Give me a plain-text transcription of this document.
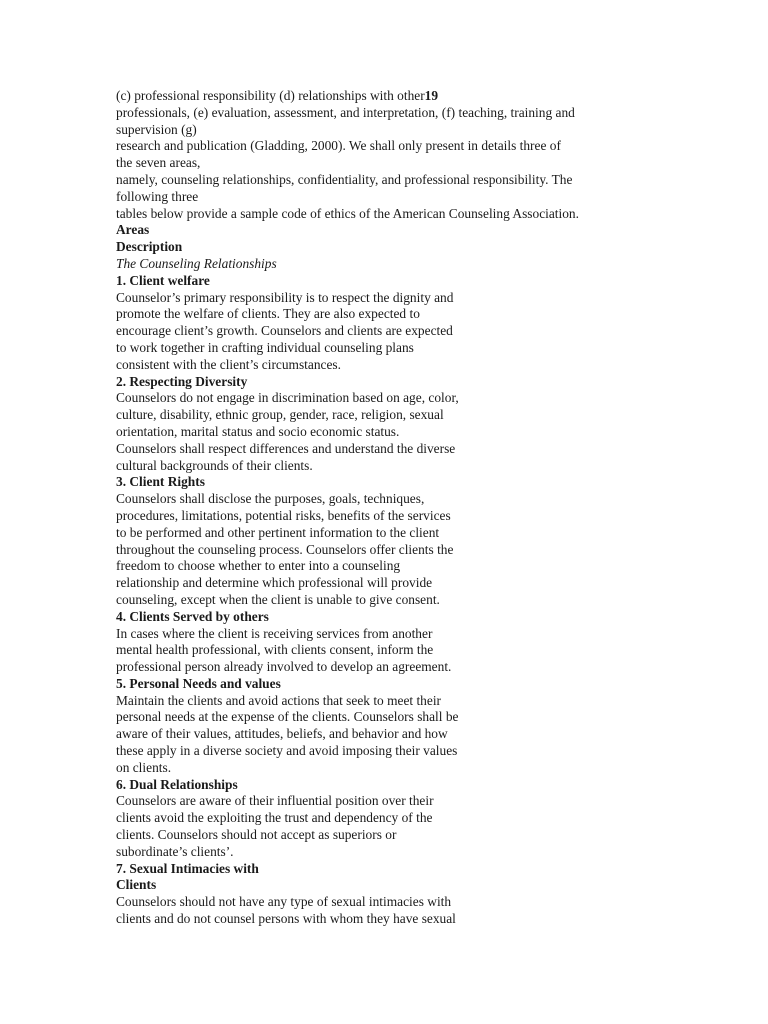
(c) professional responsibility (d) relationships with other19
professionals, (e) evaluation, assessment, and interpretation, (f) teaching, training and
supervision (g)
research and publication (Gladding, 2000). We shall only present in details three of
the seven areas,
namely, counseling relationships, confidentiality, and professional responsibility. The
following three
tables below provide a sample code of ethics of the American Counseling Association.
Areas
Description
The Counseling Relationships
1. Client welfare
Counselor’s primary responsibility is to respect the dignity and
promote the welfare of clients. They are also expected to
encourage client’s growth. Counselors and clients are expected
to work together in crafting individual counseling plans
consistent with the client’s circumstances.
2. Respecting Diversity
Counselors do not engage in discrimination based on age, color,
culture, disability, ethnic group, gender, race, religion, sexual
orientation, marital status and socio economic status.
Counselors shall respect differences and understand the diverse
cultural backgrounds of their clients.
3. Client Rights
Counselors shall disclose the purposes, goals, techniques,
procedures, limitations, potential risks, benefits of the services
to be performed and other pertinent information to the client
throughout the counseling process. Counselors offer clients the
freedom to choose whether to enter into a counseling
relationship and determine which professional will provide
counseling, except when the client is unable to give consent.
4. Clients Served by others
In cases where the client is receiving services from another
mental health professional, with clients consent, inform the
professional person already involved to develop an agreement.
5. Personal Needs and values
Maintain the clients and avoid actions that seek to meet their
personal needs at the expense of the clients. Counselors shall be
aware of their values, attitudes, beliefs, and behavior and how
these apply in a diverse society and avoid imposing their values
on clients.
6. Dual Relationships
Counselors are aware of their influential position over their
clients avoid the exploiting the trust and dependency of the
clients. Counselors should not accept as superiors or
subordinate’s clients’.
7. Sexual Intimacies with
Clients
Counselors should not have any type of sexual intimacies with
clients and do not counsel persons with whom they have sexual
